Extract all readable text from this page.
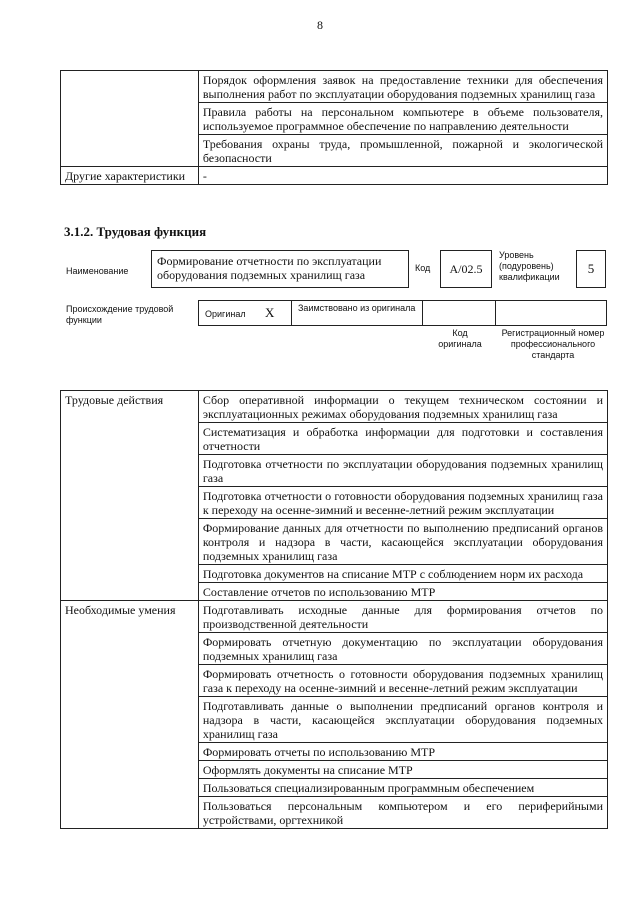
8
	Порядок оформления заявок на предоставление техники для обеспечения выполнения работ по эксплуатации оборудования подземных хранилищ газа
	Правила работы на персональном компьютере в объеме пользователя, используемое программное обеспечение по направлению деятельности
	Требования охраны труда, промышленной, пожарной и экологической безопасности
Другие характеристики	-
3.1.2. Трудовая функция
Наименование
Формирование отчетности по эксплуатации оборудования подземных хранилищ газа	Код	А/02.5
Уровень (подуровень) квалификации
5
Происхождение трудовой функции
Оригинал X	Заимствовано из оригинала
Код оригинала
Регистрационный номер профессионального стандарта
Трудовые действия	Сбор оперативной информации о текущем техническом состоянии и эксплуатационных режимах оборудования подземных хранилищ газа
	Систематизация и обработка информации для подготовки и составления отчетности
	Подготовка отчетности по эксплуатации оборудования подземных хранилищ газа
	Подготовка отчетности о готовности оборудования подземных хранилищ газа к переходу на осенне-зимний и весенне-летний режим эксплуатации
	Формирование данных для отчетности по выполнению предписаний органов контроля и надзора в части, касающейся эксплуатации оборудования подземных хранилищ газа
	Подготовка документов на списание МТР с соблюдением норм их расхода
	Составление отчетов по использованию МТР
Необходимые умения	Подготавливать исходные данные для формирования отчетов по производственной деятельности
	Формировать отчетную документацию по эксплуатации оборудования подземных хранилищ газа
	Формировать отчетность о готовности оборудования подземных хранилищ газа к переходу на осенне-зимний и весенне-летний режим эксплуатации
	Подготавливать данные о выполнении предписаний органов контроля и надзора в части, касающейся эксплуатации оборудования подземных хранилищ газа
	Формировать отчеты по использованию МТР
	Оформлять документы на списание МТР
	Пользоваться специализированным программным обеспечением
	Пользоваться персональным компьютером и его периферийными устройствами, оргтехникой
